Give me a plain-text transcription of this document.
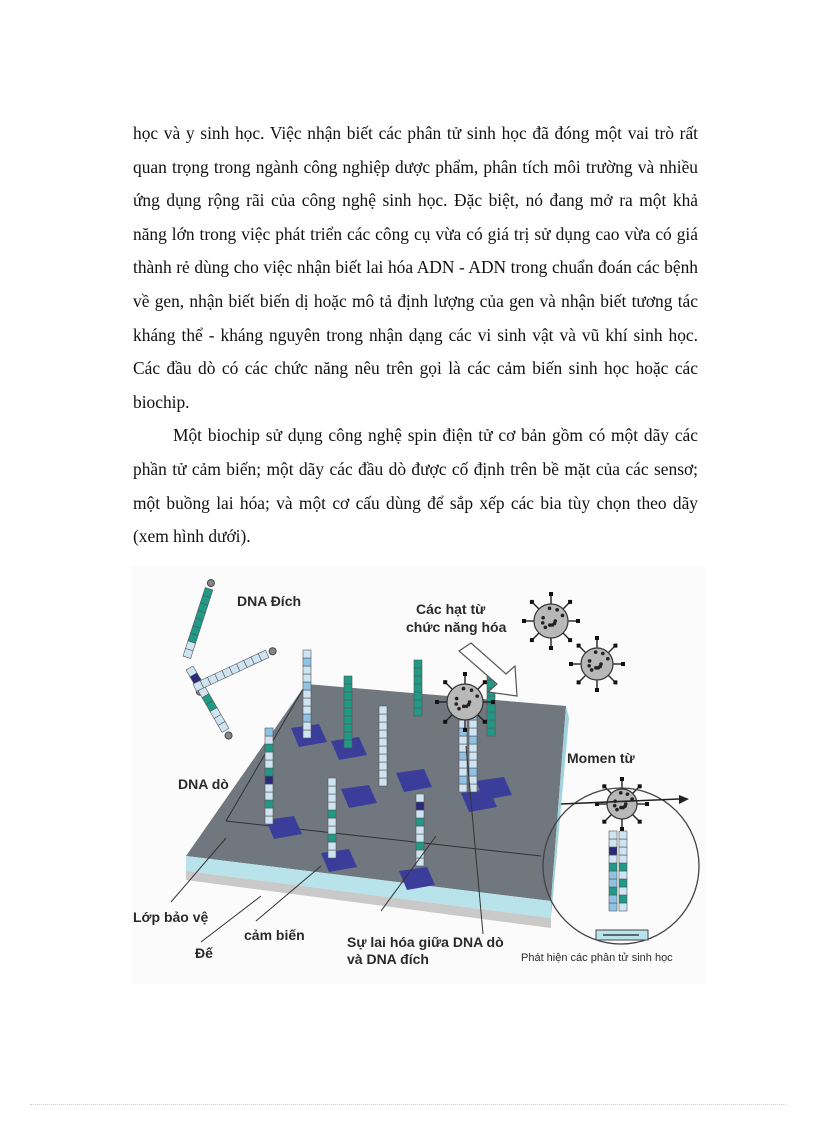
học và y sinh học. Việc nhận biết các phân tử sinh học đã đóng một vai trò rất quan trọng trong ngành công nghiệp dược phẩm, phân tích môi trường và nhiều ứng dụng rộng rãi của công nghệ sinh học. Đặc biệt, nó đang mở ra một khả năng lớn trong việc phát triển các công cụ vừa có giá trị sử dụng cao vừa có giá thành rẻ dùng cho việc nhận biết lai hóa ADN - ADN trong chuẩn đoán các bệnh về gen, nhận biết biến dị hoặc mô tả định lượng của gen và nhận biết tương tác kháng thể - kháng nguyên trong nhận dạng các vi sinh vật và vũ khí sinh học. Các đầu dò có các chức năng nêu trên gọi là các cảm biến sinh học hoặc các biochip.

Một biochip sử dụng công nghệ spin điện tử cơ bản gồm có một dãy các phần tử cảm biến; một dãy các đầu dò được cố định trên bề mặt của các sensơ; một buồng lai hóa; và một cơ cấu dùng để sắp xếp các bia tùy chọn theo dãy (xem hình dưới).

DNA Đích	Các hạt từ
chức năng hóa
Momen từ
DNA dò
Lớp bảo vệ
cảm biến
Đế
Sự lai hóa giữa DNA dò
và DNA đích	Phát hiện các phân tử sinh học
